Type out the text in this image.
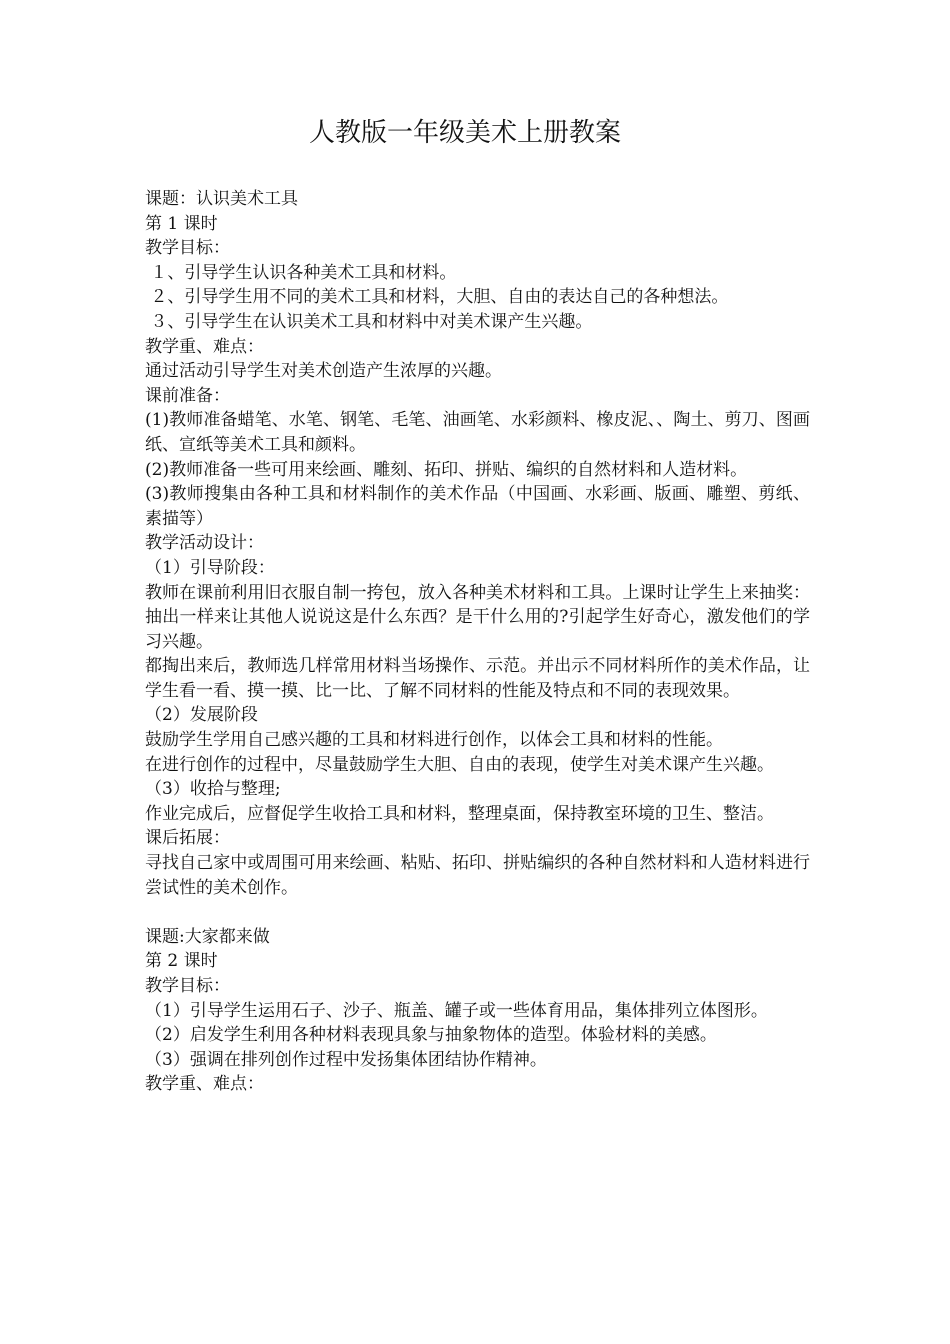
人教版一年级美术上册教案

课题：认识美术工具

第 1 课时

教学目标：

１、引导学生认识各种美术工具和材料。

２、引导学生用不同的美术工具和材料，大胆、自由的表达自己的各种想法。

３、引导学生在认识美术工具和材料中对美术课产生兴趣。

教学重、难点：

通过活动引导学生对美术创造产生浓厚的兴趣。

课前准备：

(1)教师准备蜡笔、水笔、钢笔、毛笔、油画笔、水彩颜料、橡皮泥、、陶土、剪刀、图画纸、宣纸等美术工具和颜料。

(2)教师准备一些可用来绘画、雕刻、拓印、拼贴、编织的自然材料和人造材料。

(3)教师搜集由各种工具和材料制作的美术作品（中国画、水彩画、版画、雕塑、剪纸、素描等）

教学活动设计：

（1）引导阶段：

教师在课前利用旧衣服自制一挎包，放入各种美术材料和工具。上课时让学生上来抽奖：抽出一样来让其他人说说这是什么东西？是干什么用的?引起学生好奇心，激发他们的学习兴趣。

都掏出来后，教师选几样常用材料当场操作、示范。并出示不同材料所作的美术作品，让学生看一看、摸一摸、比一比、了解不同材料的性能及特点和不同的表现效果。

（2）发展阶段

鼓励学生学用自己感兴趣的工具和材料进行创作，以体会工具和材料的性能。

在进行创作的过程中，尽量鼓励学生大胆、自由的表现，使学生对美术课产生兴趣。

（3）收拾与整理;

作业完成后，应督促学生收拾工具和材料，整理桌面，保持教室环境的卫生、整洁。

课后拓展：

寻找自己家中或周围可用来绘画、粘贴、拓印、拼贴编织的各种自然材料和人造材料进行尝试性的美术创作。

课题:大家都来做

第 2 课时

教学目标：

（1）引导学生运用石子、沙子、瓶盖、罐子或一些体育用品，集体排列立体图形。

（2）启发学生利用各种材料表现具象与抽象物体的造型。体验材料的美感。

（3）强调在排列创作过程中发扬集体团结协作精神。

教学重、难点：
